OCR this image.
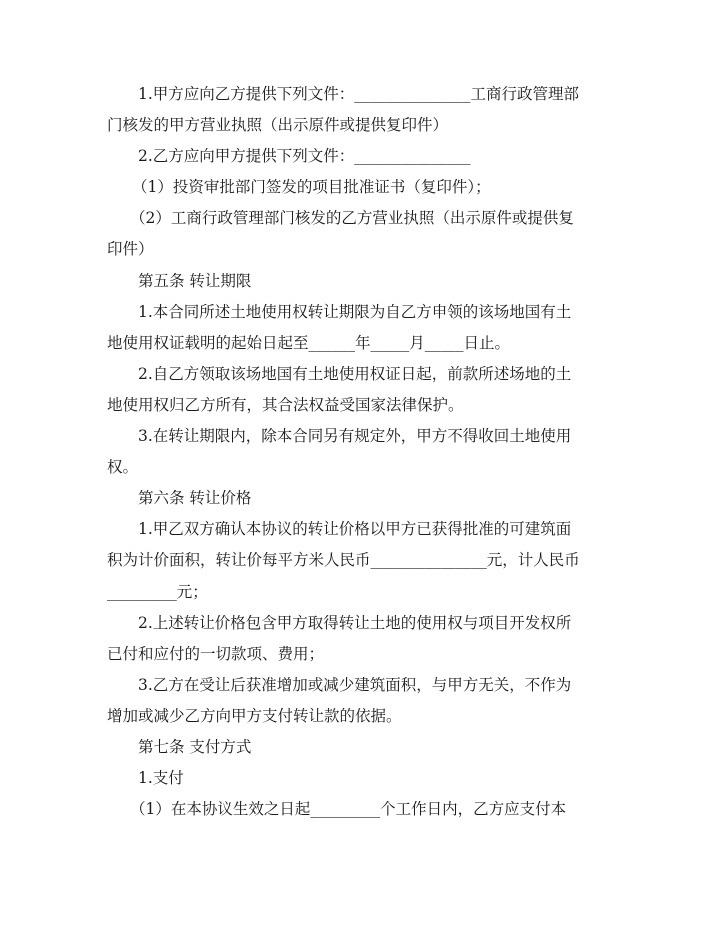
1.甲方应向乙方提供下列文件：_______________工商行政管理部
门核发的甲方营业执照（出示原件或提供复印件）
2.乙方应向甲方提供下列文件：_______________
（1）投资审批部门签发的项目批准证书（复印件）；
（2）工商行政管理部门核发的乙方营业执照（出示原件或提供复
印件）
第五条 转让期限
1.本合同所述土地使用权转让期限为自乙方申领的该场地国有土
地使用权证载明的起始日起至______年_____月_____日止。
2.自乙方领取该场地国有土地使用权证日起，前款所述场地的土
地使用权归乙方所有，其合法权益受国家法律保护。
3.在转让期限内，除本合同另有规定外，甲方不得收回土地使用
权。
第六条 转让价格
1.甲乙双方确认本协议的转让价格以甲方已获得批准的可建筑面
积为计价面积，转让价每平方米人民币_______________元，计人民币
_________元；
2.上述转让价格包含甲方取得转让土地的使用权与项目开发权所
已付和应付的一切款项、费用；
3.乙方在受让后获准增加或减少建筑面积，与甲方无关，不作为
增加或减少乙方向甲方支付转让款的依据。
第七条 支付方式
1.支付
（1）在本协议生效之日起_________个工作日内，乙方应支付本
